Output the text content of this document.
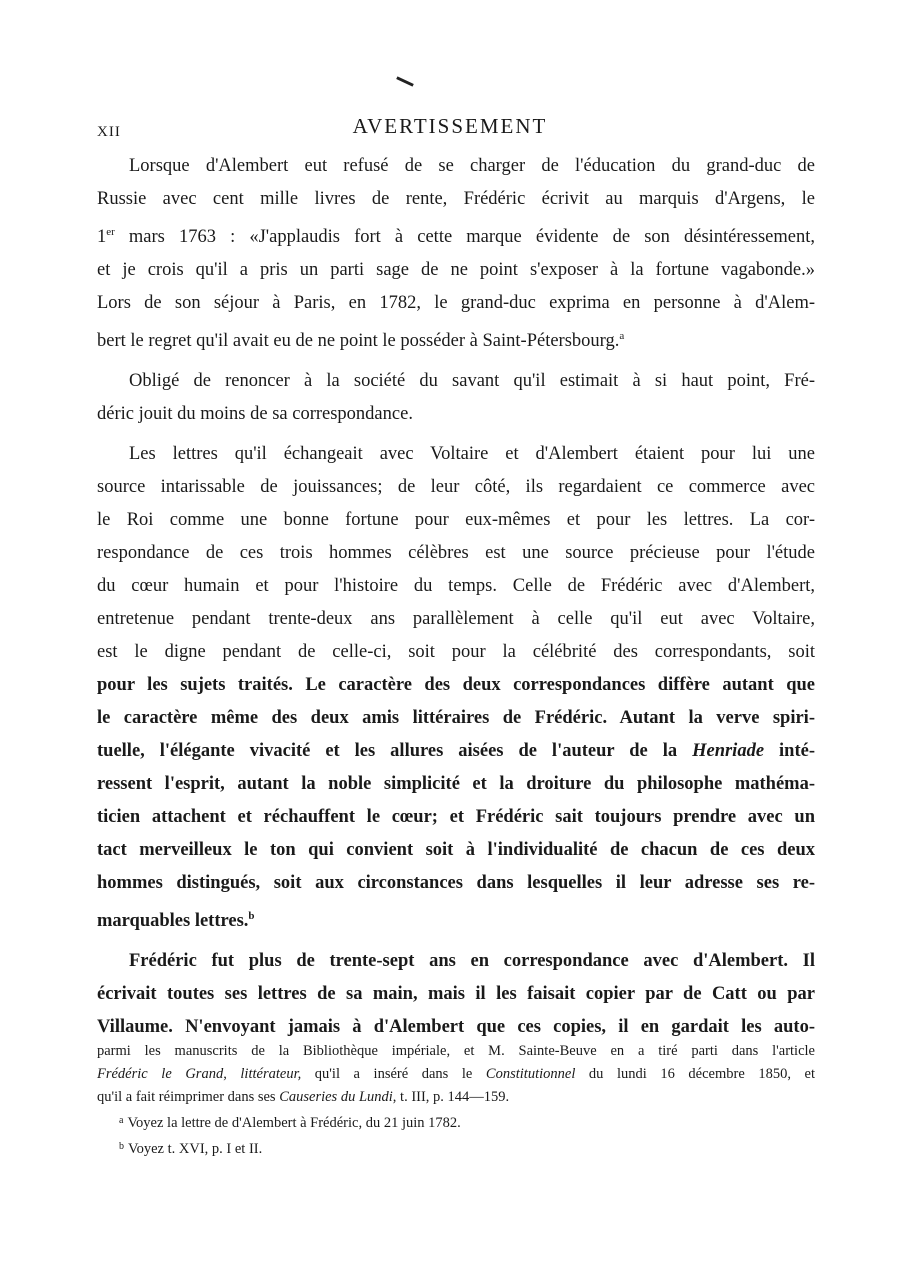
XII	AVERTISSEMENT
Lorsque d'Alembert eut refusé de se charger de l'éducation du grand-duc de
Russie avec cent mille livres de rente, Frédéric écrivit au marquis d'Argens, le
1er mars 1763 : «J'applaudis fort à cette marque évidente de son désintéressement,
et je crois qu'il a pris un parti sage de ne point s'exposer à la fortune vagabonde.»
Lors de son séjour à Paris, en 1782, le grand-duc exprima en personne à d'Alem-
bert le regret qu'il avait eu de ne point le posséder à Saint-Pétersbourg.$^a$
Obligé de renoncer à la société du savant qu'il estimait à si haut point, Fré-
déric jouit du moins de sa correspondance.
Les lettres qu'il échangeait avec Voltaire et d'Alembert étaient pour lui une
source intarissable de jouissances; de leur côté, ils regardaient ce commerce avec
le Roi comme une bonne fortune pour eux-mêmes et pour les lettres. La cor-
respondance de ces trois hommes célèbres est une source précieuse pour l'étude
du cœur humain et pour l'histoire du temps. Celle de Frédéric avec d'Alembert,
entretenue pendant trente-deux ans parallèlement à celle qu'il eut avec Voltaire,
est le digne pendant de celle-ci, soit pour la célébrité des correspondants, soit
pour les sujets traités. Le caractère des deux correspondances diffère autant que
le caractère même des deux amis littéraires de Frédéric. Autant la verve spiri-
tuelle, l'élégante vivacité et les allures aisées de l'auteur de la Henriade inté-
ressent l'esprit, autant la noble simplicité et la droiture du philosophe mathéma-
ticien attachent et réchauffent le cœur; et Frédéric sait toujours prendre avec un
tact merveilleux le ton qui convient soit à l'individualité de chacun de ces deux
hommes distingués, soit aux circonstances dans lesquelles il leur adresse ses re-
marquables lettres.$^b$
Frédéric fut plus de trente-sept ans en correspondance avec d'Alembert. Il
écrivait toutes ses lettres de sa main, mais il les faisait copier par de Catt ou par
Villaume. N'envoyant jamais à d'Alembert que ces copies, il en gardait les auto-
parmi les manuscrits de la Bibliothèque impériale, et M. Sainte-Beuve en a tiré parti dans l'article
Frédéric le Grand, littérateur, qu'il a inséré dans le Constitutionnel du lundi 16 décembre 1850, et
qu'il a fait réimprimer dans ses Causeries du Lundi, t. III, p. 144—159.
$^a$ Voyez la lettre de d'Alembert à Frédéric, du 21 juin 1782.
$^b$ Voyez t. XVI, p. I et II.
